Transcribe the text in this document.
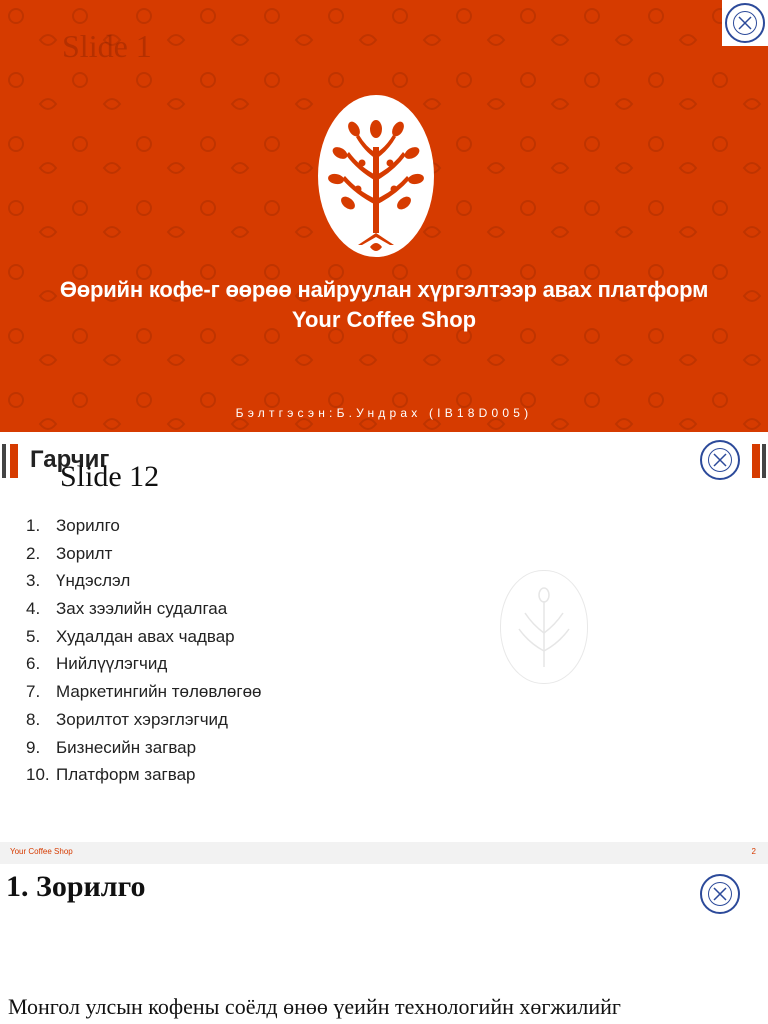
Slide 1
Өөрийн кофе-г өөрөө найруулан хүргэлтээр авах платформ
Your Coffee Shop
Бэлтгэсэн:Б.Ундрах (IB18D005)
Гарчиг
Slide 12
1. Зорилго
2. Зорилт
3. Үндэслэл
4. Зах зээлийн судалгаа
5. Худалдан авах чадвар
6. Нийлүүлэгчид
7. Маркетингийн төлөвлөгөө
8. Зорилтот хэрэглэгчид
9. Бизнесийн загвар
10. Платформ загвар
Your Coffee Shop	2
1. Зорилго
Монгол улсын кофены соёлд өнөө үеийн технологийн хөгжилийг
